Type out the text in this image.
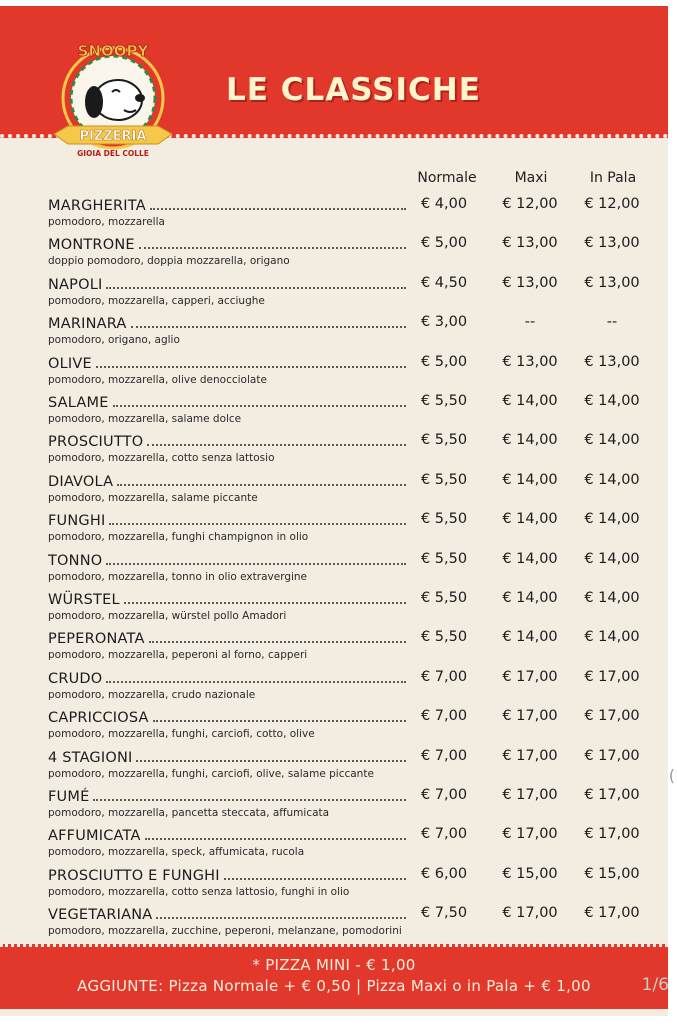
SNOOPY
PIZZERIA
GIOIA DEL COLLE
LE CLASSICHE
Normale	Maxi	In Pala
MARGHERITA
pomodoro, mozzarella
€ 4,00	€ 12,00	€ 12,00
MONTRONE
doppio pomodoro, doppia mozzarella, origano
€ 5,00	€ 13,00	€ 13,00
NAPOLI
pomodoro, mozzarella, capperi, acciughe
€ 4,50	€ 13,00	€ 13,00
MARINARA
pomodoro, origano, aglio
€ 3,00	--	--
OLIVE
pomodoro, mozzarella, olive denocciolate
€ 5,00	€ 13,00	€ 13,00
SALAME
pomodoro, mozzarella, salame dolce
€ 5,50	€ 14,00	€ 14,00
PROSCIUTTO
pomodoro, mozzarella, cotto senza lattosio
€ 5,50	€ 14,00	€ 14,00
DIAVOLA
pomodoro, mozzarella, salame piccante
€ 5,50	€ 14,00	€ 14,00
FUNGHI
pomodoro, mozzarella, funghi champignon in olio
€ 5,50	€ 14,00	€ 14,00
TONNO
pomodoro, mozzarella, tonno in olio extravergine
€ 5,50	€ 14,00	€ 14,00
WÜRSTEL
pomodoro, mozzarella, würstel pollo Amadori
€ 5,50	€ 14,00	€ 14,00
PEPERONATA
pomodoro, mozzarella, peperoni al forno, capperi
€ 5,50	€ 14,00	€ 14,00
CRUDO
pomodoro, mozzarella, crudo nazionale
€ 7,00	€ 17,00	€ 17,00
CAPRICCIOSA
pomodoro, mozzarella, funghi, carciofi, cotto, olive
€ 7,00	€ 17,00	€ 17,00
4 STAGIONI
pomodoro, mozzarella, funghi, carciofi, olive, salame piccante
€ 7,00	€ 17,00	€ 17,00
FUMÉ
pomodoro, mozzarella, pancetta steccata, affumicata
€ 7,00	€ 17,00	€ 17,00
AFFUMICATA
pomodoro, mozzarella, speck, affumicata, rucola
€ 7,00	€ 17,00	€ 17,00
PROSCIUTTO E FUNGHI
pomodoro, mozzarella, cotto senza lattosio, funghi in olio
€ 6,00	€ 15,00	€ 15,00
VEGETARIANA
pomodoro, mozzarella, zucchine, peperoni, melanzane, pomodorini
€ 7,50	€ 17,00	€ 17,00
* PIZZA MINI - € 1,00
AGGIUNTE: Pizza Normale + € 0,50 | Pizza Maxi o in Pala + € 1,00
(
1/6
